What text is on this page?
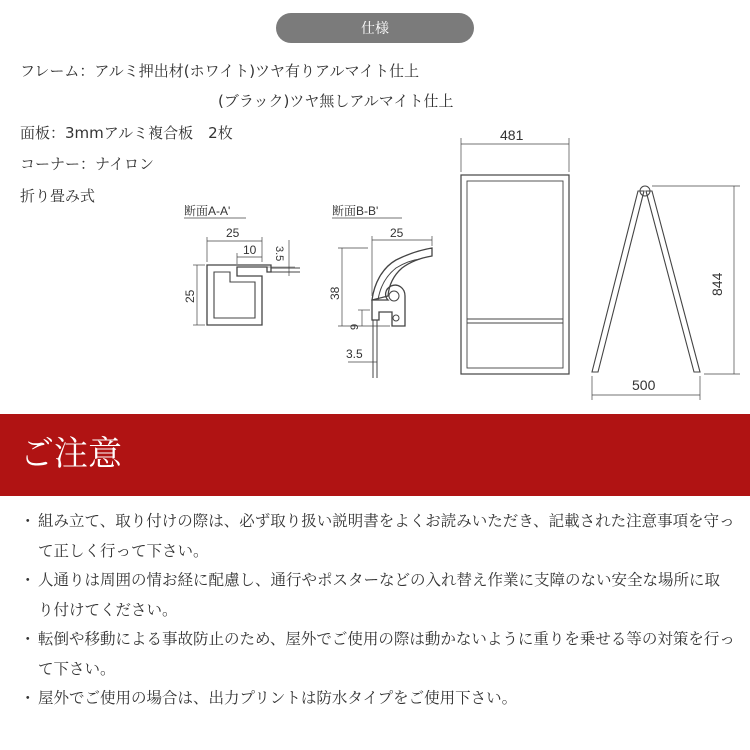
仕様
フレーム：アルミ押出材(ホワイト)ツヤ有りアルマイト仕上
(ブラック)ツヤ無しアルマイト仕上
面板：3mmアルミ複合板　2枚
コーナー：ナイロン
折り畳み式
断面A-A'
25
10 3.5
25
断面B-B'
25
38
9
3.5
481
844
500
ご注意
・ 組み立て、取り付けの際は、必ず取り扱い説明書をよくお読みいただき、記載された注意事項を守って正しく行って下さい。
・ 人通りは周囲の情お経に配慮し、通行やポスターなどの入れ替え作業に支障のない安全な場所に取　り付けてください。
・ 転倒や移動による事故防止のため、屋外でご使用の際は動かないように重りを乗せる等の対策を行って下さい。
・ 屋外でご使用の場合は、出力プリントは防水タイプをご使用下さい。
